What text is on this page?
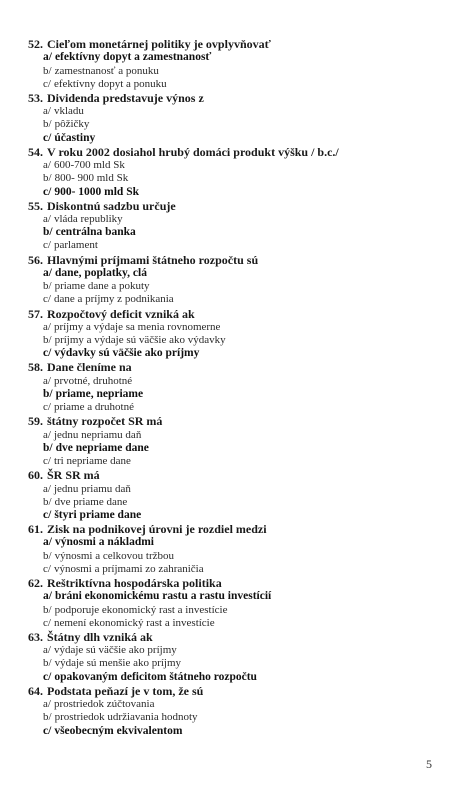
52. Cieľom monetárnej politiky je ovplyvňovať
a/ efektívny dopyt a zamestnanosť
b/ zamestnanosť a ponuku
c/ efektívny dopyt a ponuku
53. Dividenda predstavuje výnos z
a/ vkladu
b/ pôžičky
c/ účastiny
54. V roku 2002 dosiahol hrubý domáci produkt výšku / b.c./
a/ 600-700 mld Sk
b/ 800- 900 mld Sk
c/ 900- 1000 mld Sk
55. Diskontnú sadzbu určuje
a/ vláda republiky
b/ centrálna banka
c/ parlament
56. Hlavnými príjmami štátneho rozpočtu sú
a/ dane, poplatky, clá
b/ priame dane a pokuty
c/ dane a príjmy z podnikania
57. Rozpočtový deficit vzniká ak
a/ príjmy a výdaje sa menia rovnomerne
b/ príjmy a výdaje sú väčšie ako výdavky
c/ výdavky sú väčšie ako príjmy
58. Dane členíme na
a/ prvotné, druhotné
b/ priame, nepriame
c/ priame a druhotné
59. štátny rozpočet SR má
a/ jednu nepriamu daň
b/ dve nepriame dane
c/ tri nepriame dane
60. ŠR SR má
a/ jednu priamu daň
b/ dve priame dane
c/ štyri priame dane
61. Zisk na podnikovej úrovni je rozdiel medzi
a/ výnosmi a nákladmi
b/ výnosmi a celkovou tržbou
c/ výnosmi a príjmami zo zahraničia
62. Reštriktívna hospodárska politika
a/ bráni ekonomickému rastu a rastu investícií
b/ podporuje ekonomický rast a investície
c/ nemení ekonomický rast a investície
63. Štátny dlh vzniká ak
a/ výdaje sú väčšie ako príjmy
b/ výdaje sú menšie ako príjmy
c/ opakovaným deficitom štátneho rozpočtu
64. Podstata peňazí je v tom, že sú
a/ prostriedok zúčtovania
b/ prostriedok udržiavania hodnoty
c/ všeobecným ekvivalentom
5
